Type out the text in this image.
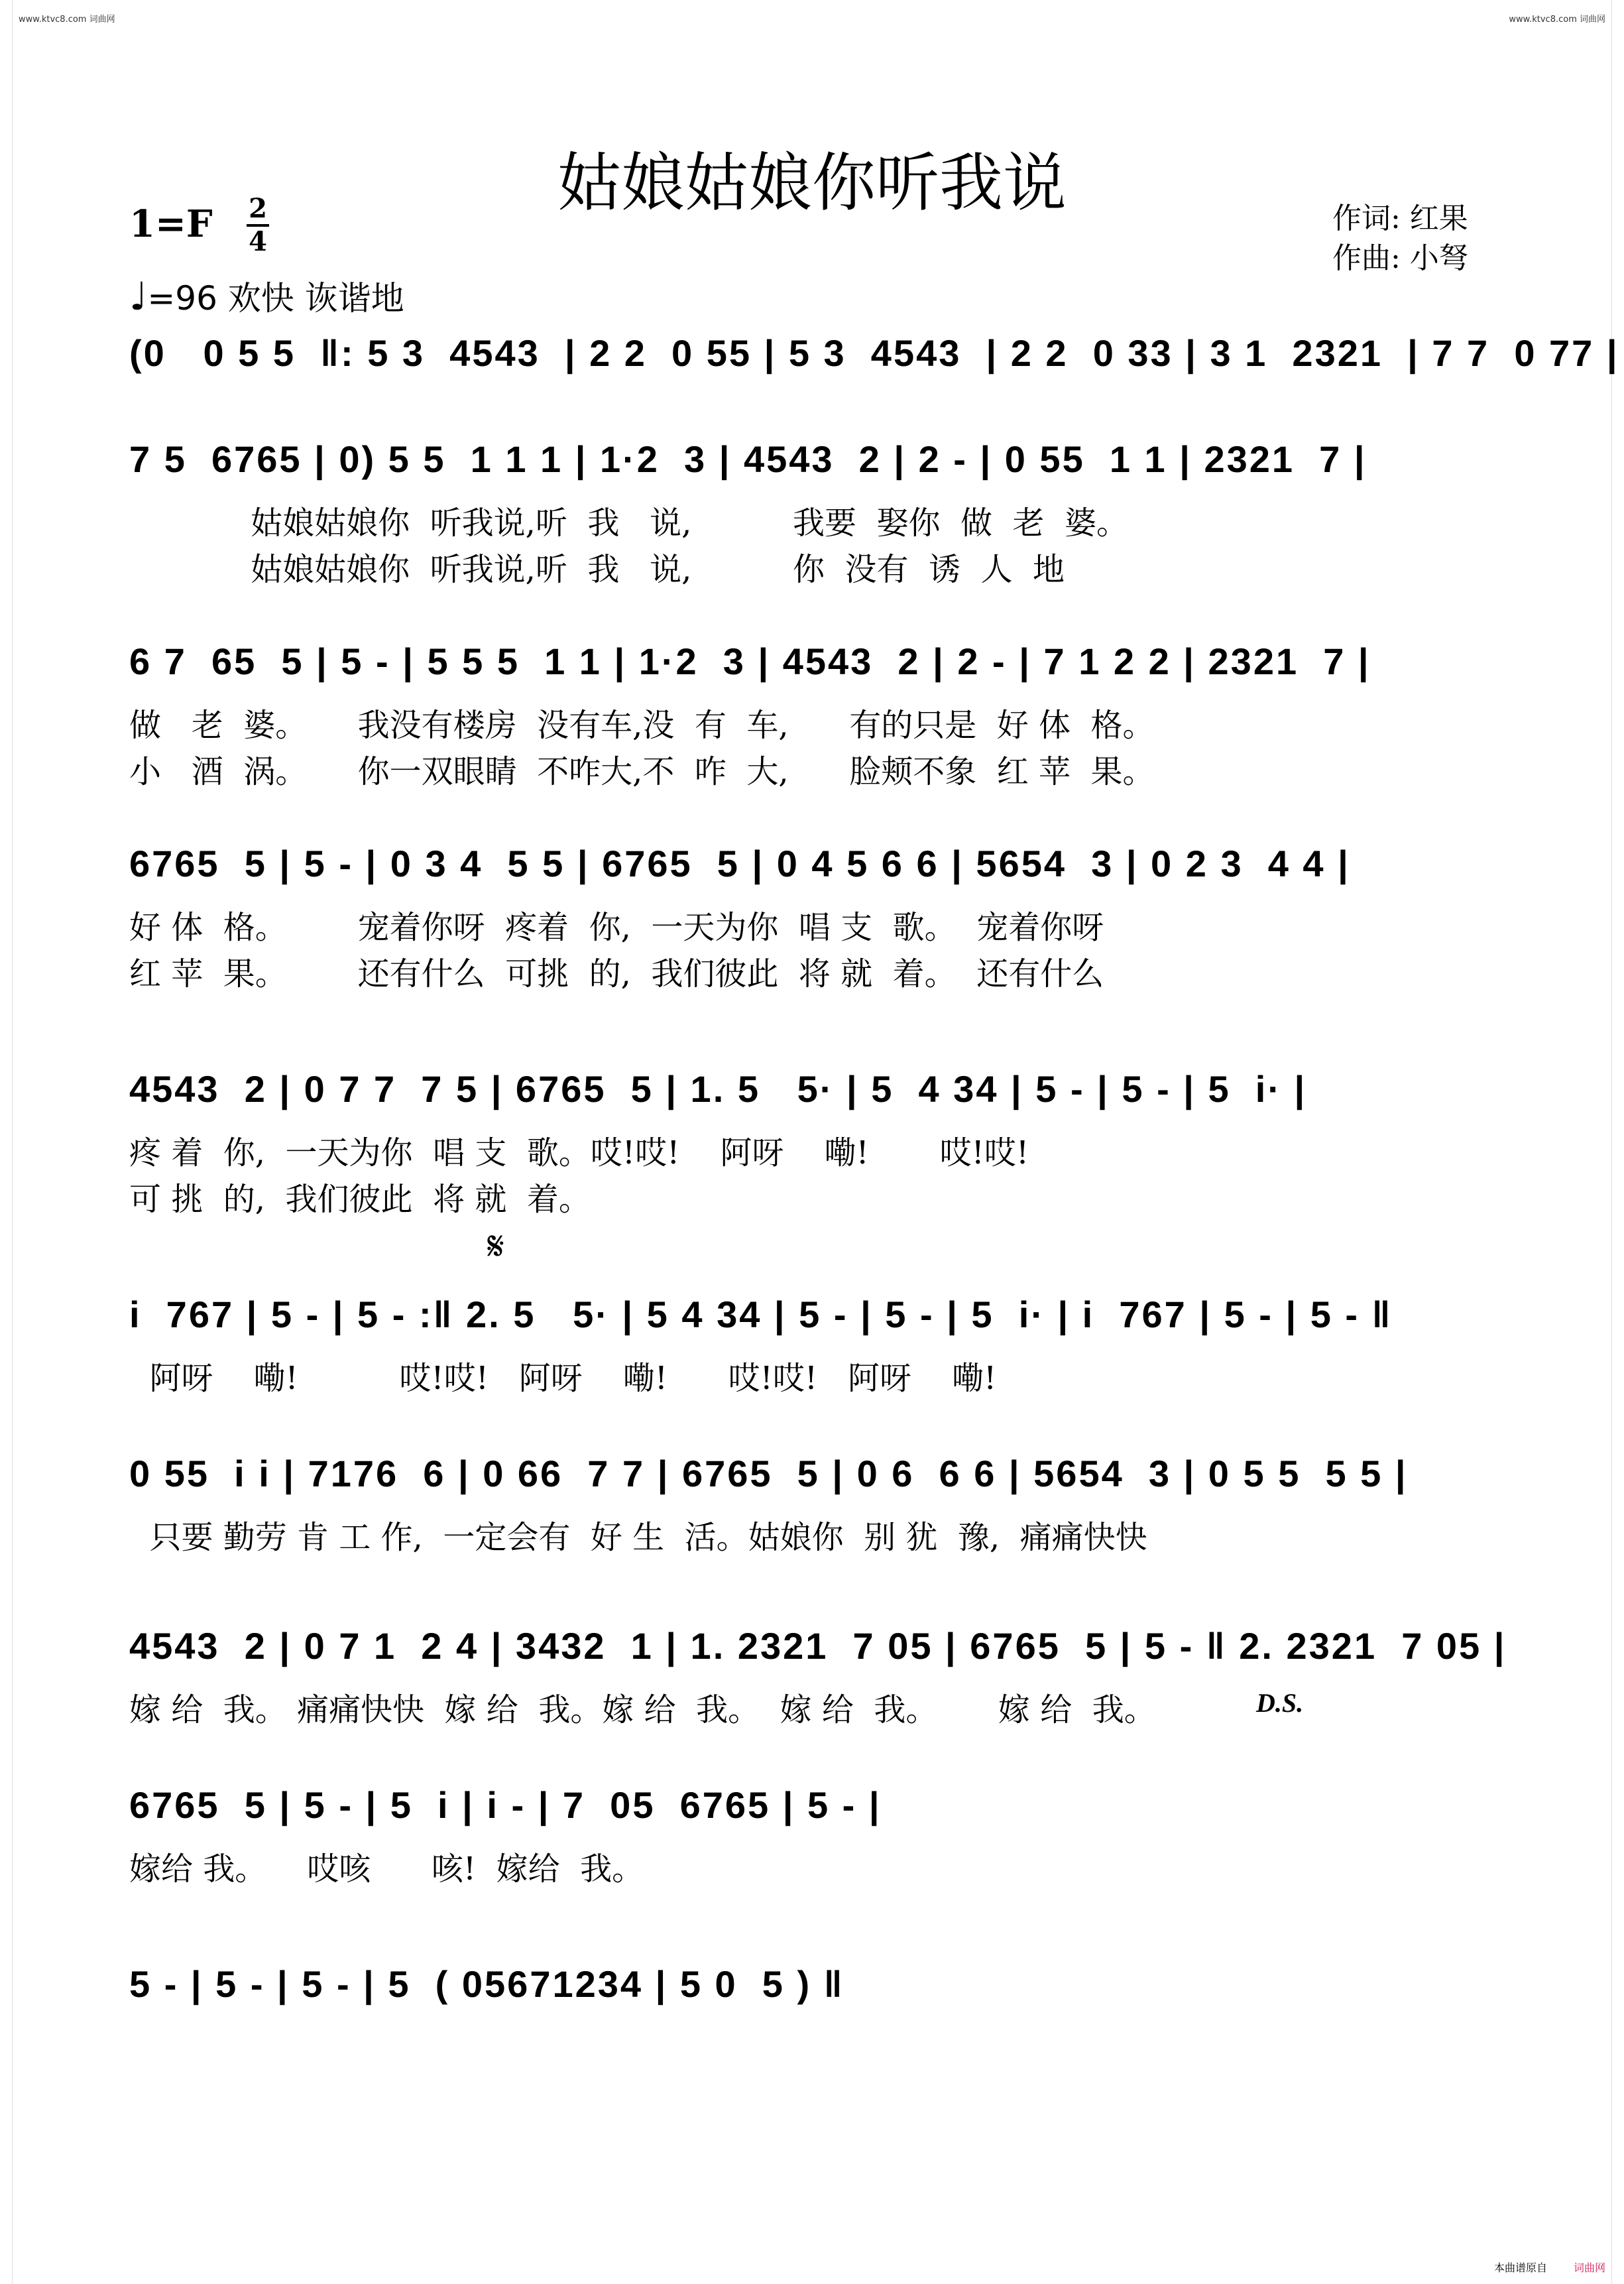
www.ktvc8.com 词曲网	www.ktvc8.com 词曲网
姑娘姑娘你听我说
1=F 2
4
作词: 红果
作曲: 小弩
♩=96 欢快 诙谐地
(0   0 5 5  ‖: 5 3  4543  | 2 2  0 55 | 5 3  4543  | 2 2  0 33 | 3 1  2321  | 7 7  0 77 |
7 5  6765 | 0) 5 5  1 1 1 | 1·2  3 | 4543  2 | 2 - | 0 55  1 1 | 2321  7 |
姑娘姑娘你  听我说,听  我   说,          我要  娶你  做  老  婆。
姑娘姑娘你  听我说,听  我   说,          你  没有  诱  人  地
6 7  65  5 | 5 - | 5 5 5  1 1 | 1·2  3 | 4543  2 | 2 - | 7 1 2 2 | 2321  7 |
做   老  婆。     我没有楼房  没有车,没  有  车,      有的只是  好 体  格。
小   酒  涡。     你一双眼睛  不咋大,不  咋  大,      脸颊不象  红 苹  果。
6765  5 | 5 - | 0 3 4  5 5 | 6765  5 | 0 4 5 6 6 | 5654  3 | 0 2 3  4 4 |
好 体  格。       宠着你呀  疼着  你,  一天为你  唱 支  歌。  宠着你呀
红 苹  果。       还有什么  可挑  的,  我们彼此  将 就  着。  还有什么
4543  2 | 0 7 7  7 5 | 6765  5 | 1. 5   5· | 5  4 34 | 5 - | 5 - | 5  i· |
疼 着  你,  一天为你  唱 支  歌。哎!哎!    阿呀    嘞!       哎!哎!
可 挑  的,  我们彼此  将 就  着。
𝄋
i  767 | 5 - | 5 - :‖ 2. 5   5· | 5 4 34 | 5 - | 5 - | 5  i· | i  767 | 5 - | 5 - ‖
阿呀    嘞!          哎!哎!   阿呀    嘞!      哎!哎!   阿呀    嘞!
0 55  i i | 7176  6 | 0 66  7 7 | 6765  5 | 0 6  6 6 | 5654  3 | 0 5 5  5 5 |
只要 勤劳 肯 工 作,  一定会有  好 生  活。姑娘你  别 犹  豫,  痛痛快快
4543  2 | 0 7 1  2 4 | 3432  1 | 1. 2321  7 05 | 6765  5 | 5 - ‖ 2. 2321  7 05 |
嫁 给  我。 痛痛快快  嫁 给  我。嫁 给  我。  嫁 给  我。      嫁 给  我。	D.S.
6765  5 | 5 - | 5  i | i - | 7  05  6765 | 5 - |
嫁给 我。    哎咳      咳!  嫁给  我。
5 - | 5 - | 5 - | 5  ( 05671234 | 5 0  5 ) ‖
本曲谱原自	词曲网
